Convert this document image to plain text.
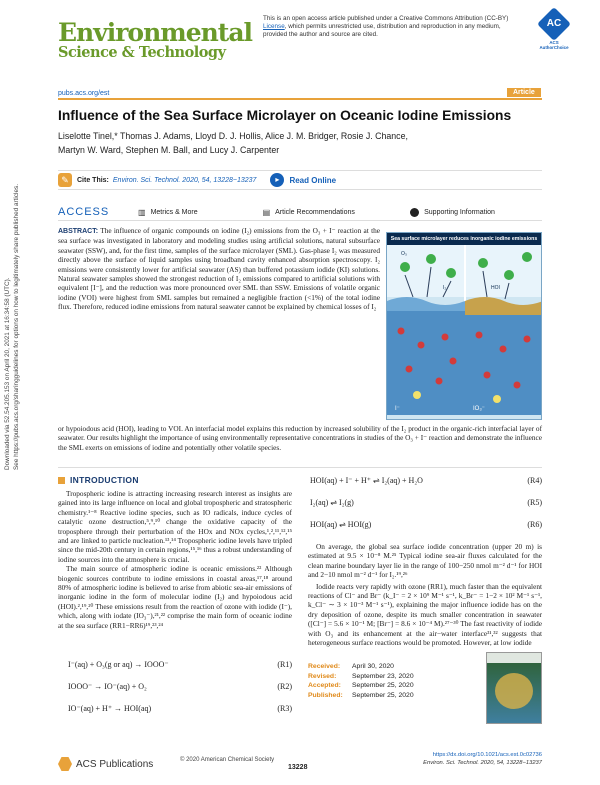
Downloaded via 52.54.205.153 on April 20, 2021 at 16:34:58 (UTC). See https://pubs.acs.org/sharingguidelines for options on how to legitimately share published articles.
Environmental
Science & Technology
This is an open access article published under a Creative Commons Attribution (CC-BY) License, which permits unrestricted use, distribution and reproduction in any medium, provided the author and source are cited.
AC
ACS AuthorChoice
pubs.acs.org/est	Article
Influence of the Sea Surface Microlayer on Oceanic Iodine Emissions
Liselotte Tinel,* Thomas J. Adams, Lloyd D. J. Hollis, Alice J. M. Bridger, Rosie J. Chance,
Martyn W. Ward, Stephen M. Ball, and Lucy J. Carpenter
✎	Cite This: Environ. Sci. Technol. 2020, 54, 13228−13237	▸	Read Online
ACCESS	▥ Metrics & More	▤ Article Recommendations	Supporting Information
ABSTRACT: The influence of organic compounds on iodine (I₂) emissions from the O₃ + I⁻ reaction at the sea surface was investigated in laboratory and modeling studies using artificial solutions, natural subsurface seawater (SSW), and, for the first time, samples of the surface microlayer (SML). Gas-phase I₂ was measured directly above the surface of liquid samples using broadband cavity enhanced absorption spectroscopy. I₂ emissions were consistently lower for artificial seawater (AS) than buffered potassium iodide (KI) solutions. Natural seawater samples showed the strongest reduction of I₂ emissions compared to artificial solutions with equivalent [I⁻], and the reduction was more pronounced over SML than SSW. Emissions of volatile organic iodine (VOI) were highest from SML samples but remained a negligible fraction (<1%) of the total iodine flux. Therefore, reduced iodine emissions from natural seawater cannot be explained by chemical losses of I₂
or hypoiodous acid (HOI), leading to VOI. An interfacial model explains this reduction by increased solubility of the I₂ product in the organic-rich interfacial layer of seawater. Our results highlight the importance of using environmentally representative concentrations in studies of the O₃ + I⁻ reaction and demonstrate the influence the SML exerts on emissions of iodine and potentially other volatile species.
Sea surface microlayer reduces inorganic iodine emissions
I⁻	IO₃⁻
O₃
I₂	HOI
INTRODUCTION
Tropospheric iodine is attracting increasing research interest as insights are gained into its large influence on local and global tropospheric and stratospheric chemistry.¹⁻⁸ Reactive iodine species, such as IO radicals, induce cycles of catalytic ozone destruction,⁵,⁹,¹⁰ change the oxidative capacity of the troposphere through their perturbation of the HOx and NOx cycles,¹,²,¹¹,¹²,¹⁵ and are linked to particle nucleation.¹³,¹⁴ Tropospheric iodine levels have tripled since the mid-20th century in certain regions,¹⁵,¹⁶ thus a robust understanding of iodine sources into the atmosphere is crucial.
The main source of atmospheric iodine is oceanic emissions.²² Although biogenic sources contribute to iodine emissions in coastal areas,¹⁷,¹⁸ around 80% of atmospheric iodine is believed to arise from abiotic sea-air emissions of inorganic iodine in the form of molecular iodine (I₂) and hypoiodous acid (HOI).²,¹⁹,²⁰ These emissions result from the reaction of ozone with iodide (I⁻), which, along with iodate (IO₃⁻),²¹,²² comprise the main form of oceanic iodine at the sea surface (RR1−RR6)¹⁹,²³,²⁴
I⁻(aq) + O₃(g or aq) → IOOO⁻	(R1)
IOOO⁻ → IO⁻(aq) + O₂	(R2)
IO⁻(aq) + H⁺ → HOI(aq)	(R3)
HOI(aq) + I⁻ + H⁺ ⇌ I₂(aq) + H₂O	(R4)
I₂(aq) ⇌ I₂(g)	(R5)
HOI(aq) ⇌ HOI(g)	(R6)
On average, the global sea surface iodide concentration (upper 20 m) is estimated at 9.5 × 10⁻⁸ M.²⁵ Typical iodine sea-air fluxes calculated for the clean marine boundary layer lie in the range of 100−250 nmol m⁻² d⁻¹ for HOI and 2−10 nmol m⁻² d⁻¹ for I₂.¹⁹,²⁶
Iodide reacts very rapidly with ozone (RR1), much faster than the equivalent reactions of Cl⁻ and Br⁻ (k_I⁻ = 2 × 10⁹ M⁻¹ s⁻¹, k_Br⁻ = 1−2 × 10² M⁻¹ s⁻¹, k_Cl⁻ ∼ 3 × 10⁻³ M⁻¹ s⁻¹), explaining the major influence iodide has on the dry deposition of ozone, despite its much smaller concentration in seawater ([Cl⁻] = 5.6 × 10⁻¹ M; [Br⁻] = 8.6 × 10⁻⁴ M).²⁷⁻³⁰ The fast reactivity of iodide with O₃ and its enhancement at the air−water interface³¹,³² suggests that heterogeneous surface reactions would be promoted. However, at low iodide
Received: April 30, 2020
Revised: September 23, 2020
Accepted: September 25, 2020
Published: September 25, 2020
ACS Publications	© 2020 American Chemical Society
13228
https://dx.doi.org/10.1021/acs.est.0c02736
Environ. Sci. Technol. 2020, 54, 13228−13237
